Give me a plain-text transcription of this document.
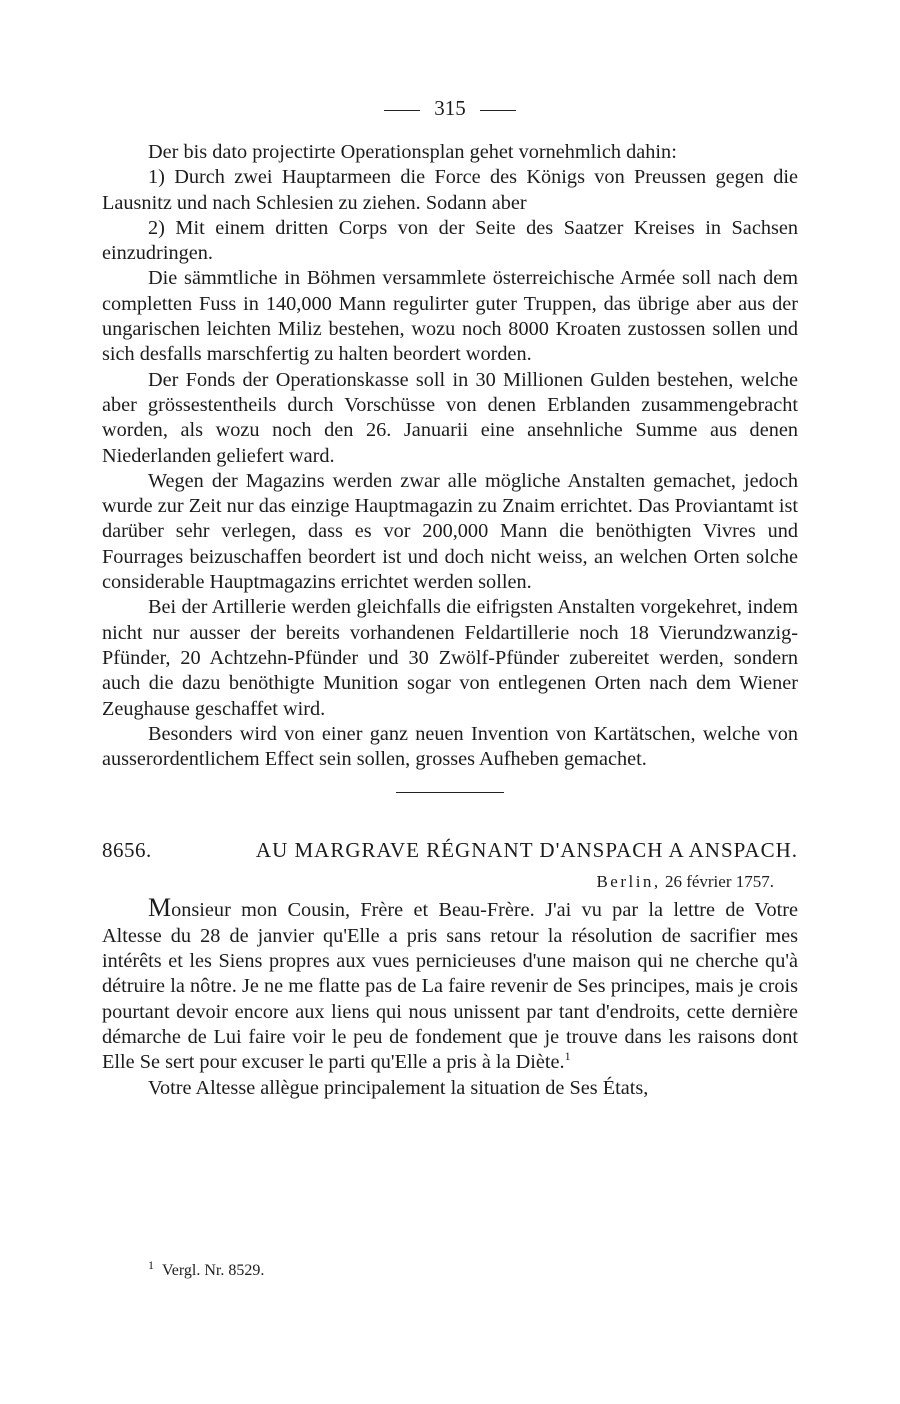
315

Der bis dato projectirte Operationsplan gehet vornehmlich dahin:

1) Durch zwei Hauptarmeen die Force des Königs von Preussen gegen die Lausnitz und nach Schlesien zu ziehen. Sodann aber

2) Mit einem dritten Corps von der Seite des Saatzer Kreises in Sachsen einzudringen.

Die sämmtliche in Böhmen versammlete österreichische Armée soll nach dem completten Fuss in 140,000 Mann regulirter guter Truppen, das übrige aber aus der ungarischen leichten Miliz bestehen, wozu noch 8000 Kroaten zustossen sollen und sich desfalls marschfertig zu halten beordert worden.

Der Fonds der Operationskasse soll in 30 Millionen Gulden bestehen, welche aber grössestentheils durch Vorschüsse von denen Erblanden zusammengebracht worden, als wozu noch den 26. Januarii eine ansehnliche Summe aus denen Niederlanden geliefert ward.

Wegen der Magazins werden zwar alle mögliche Anstalten gemachet, jedoch wurde zur Zeit nur das einzige Hauptmagazin zu Znaim errichtet. Das Proviantamt ist darüber sehr verlegen, dass es vor 200,000 Mann die benöthigten Vivres und Fourrages beizuschaffen beordert ist und doch nicht weiss, an welchen Orten solche considerable Hauptmagazins errichtet werden sollen.

Bei der Artillerie werden gleichfalls die eifrigsten Anstalten vorgekehret, indem nicht nur ausser der bereits vorhandenen Feldartillerie noch 18 Vierundzwanzig-Pfünder, 20 Achtzehn-Pfünder und 30 Zwölf-Pfünder zubereitet werden, sondern auch die dazu benöthigte Munition sogar von entlegenen Orten nach dem Wiener Zeughause geschaffet wird.

Besonders wird von einer ganz neuen Invention von Kartätschen, welche von ausserordentlichem Effect sein sollen, grosses Aufheben gemachet.

8656.	AU MARGRAVE RÉGNANT D'ANSPACH A ANSPACH.
Berlin, 26 février 1757.

Monsieur mon Cousin, Frère et Beau-Frère. J'ai vu par la lettre de Votre Altesse du 28 de janvier qu'Elle a pris sans retour la résolution de sacrifier mes intérêts et les Siens propres aux vues pernicieuses d'une maison qui ne cherche qu'à détruire la nôtre. Je ne me flatte pas de La faire revenir de Ses principes, mais je crois pourtant devoir encore aux liens qui nous unissent par tant d'endroits, cette dernière démarche de Lui faire voir le peu de fondement que je trouve dans les raisons dont Elle Se sert pour excuser le parti qu'Elle a pris à la Diète.$^1$

Votre Altesse allègue principalement la situation de Ses États,

$^1$ Vergl. Nr. 8529.
